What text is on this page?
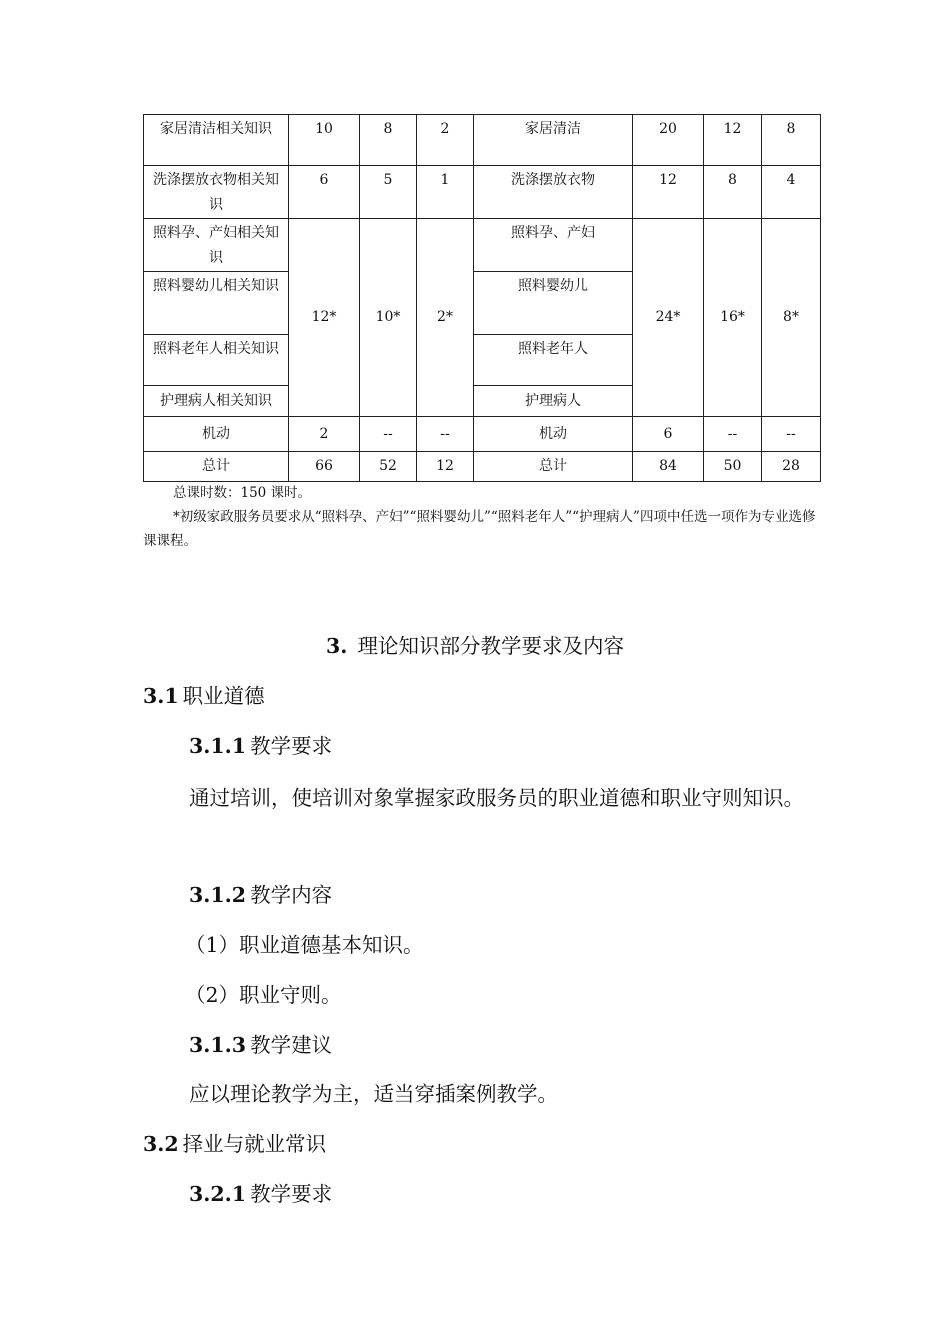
家居清洁相关知识	10	8	2	家居清洁	20	12	8
洗涤摆放衣物相关知识	6	5	1	洗涤摆放衣物	12	8	4
照料孕、产妇相关知识	12*	10*	2*	照料孕、产妇	24*	16*	8*
照料婴幼儿相关知识				照料婴幼儿			
照料老年人相关知识				照料老年人			
护理病人相关知识				护理病人			
机动	2	--	--	机动	6	--	--
总计	66	52	12	总计	84	50	28
总课时数：150 课时。
*初级家政服务员要求从“照料孕、产妇”“照料婴幼儿”“照料老年人”“护理病人”四项中任选一项作为专业选修课课程。
3. 理论知识部分教学要求及内容
3.1 职业道德
3.1.1 教学要求
通过培训，使培训对象掌握家政服务员的职业道德和职业守则知识。
3.1.2 教学内容
（1）职业道德基本知识。
（2）职业守则。
3.1.3 教学建议
应以理论教学为主，适当穿插案例教学。
3.2 择业与就业常识
3.2.1 教学要求
